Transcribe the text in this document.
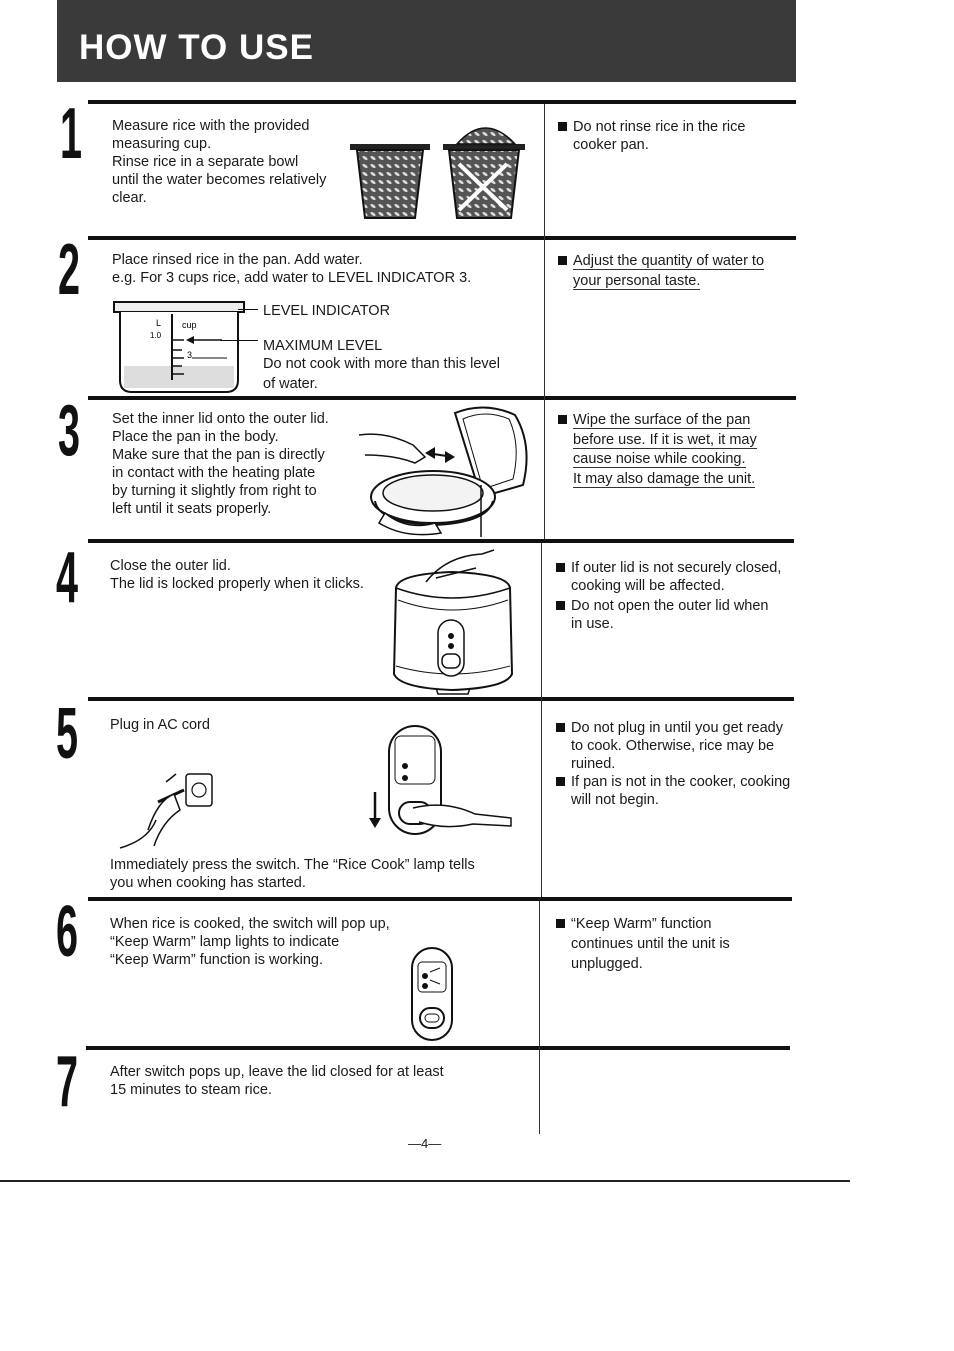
HOW TO USE
1
2
3
4
5
6
7
Measure rice with the provided
measuring cup.
Rinse rice in a separate bowl
until the water becomes relatively
clear.
Do not rinse rice in the rice
cooker pan.
Place rinsed rice in the pan. Add water.
e.g. For 3 cups rice, add water to LEVEL INDICATOR 3.
L cup
1.0
3
LEVEL INDICATOR
MAXIMUM LEVEL
Do not cook with more than this level
of water.
Adjust the quantity of water to
your personal taste.
Set the inner lid onto the outer lid.
Place the pan in the body.
Make sure that the pan is directly
in contact with the heating plate
by turning it slightly from right to
left until it seats properly.
Wipe the surface of the pan
before use. If it is wet, it may
cause noise while cooking.
It may also damage the unit.
Close the outer lid.
The lid is locked properly when it clicks.
If outer lid is not securely closed,
cooking will be affected.
Do not open the outer lid when
in use.
Plug in AC cord
Immediately press the switch. The “Rice Cook” lamp tells
you when cooking has started.
Do not plug in until you get ready
to cook. Otherwise, rice may be
ruined.
If pan is not in the cooker, cooking
will not begin.
When rice is cooked, the switch will pop up,
“Keep Warm” lamp lights to indicate
“Keep Warm” function is working.
“Keep Warm” function
continues until the unit is
unplugged.
After switch pops up, leave the lid closed for at least
15 minutes to steam rice.
—4—
